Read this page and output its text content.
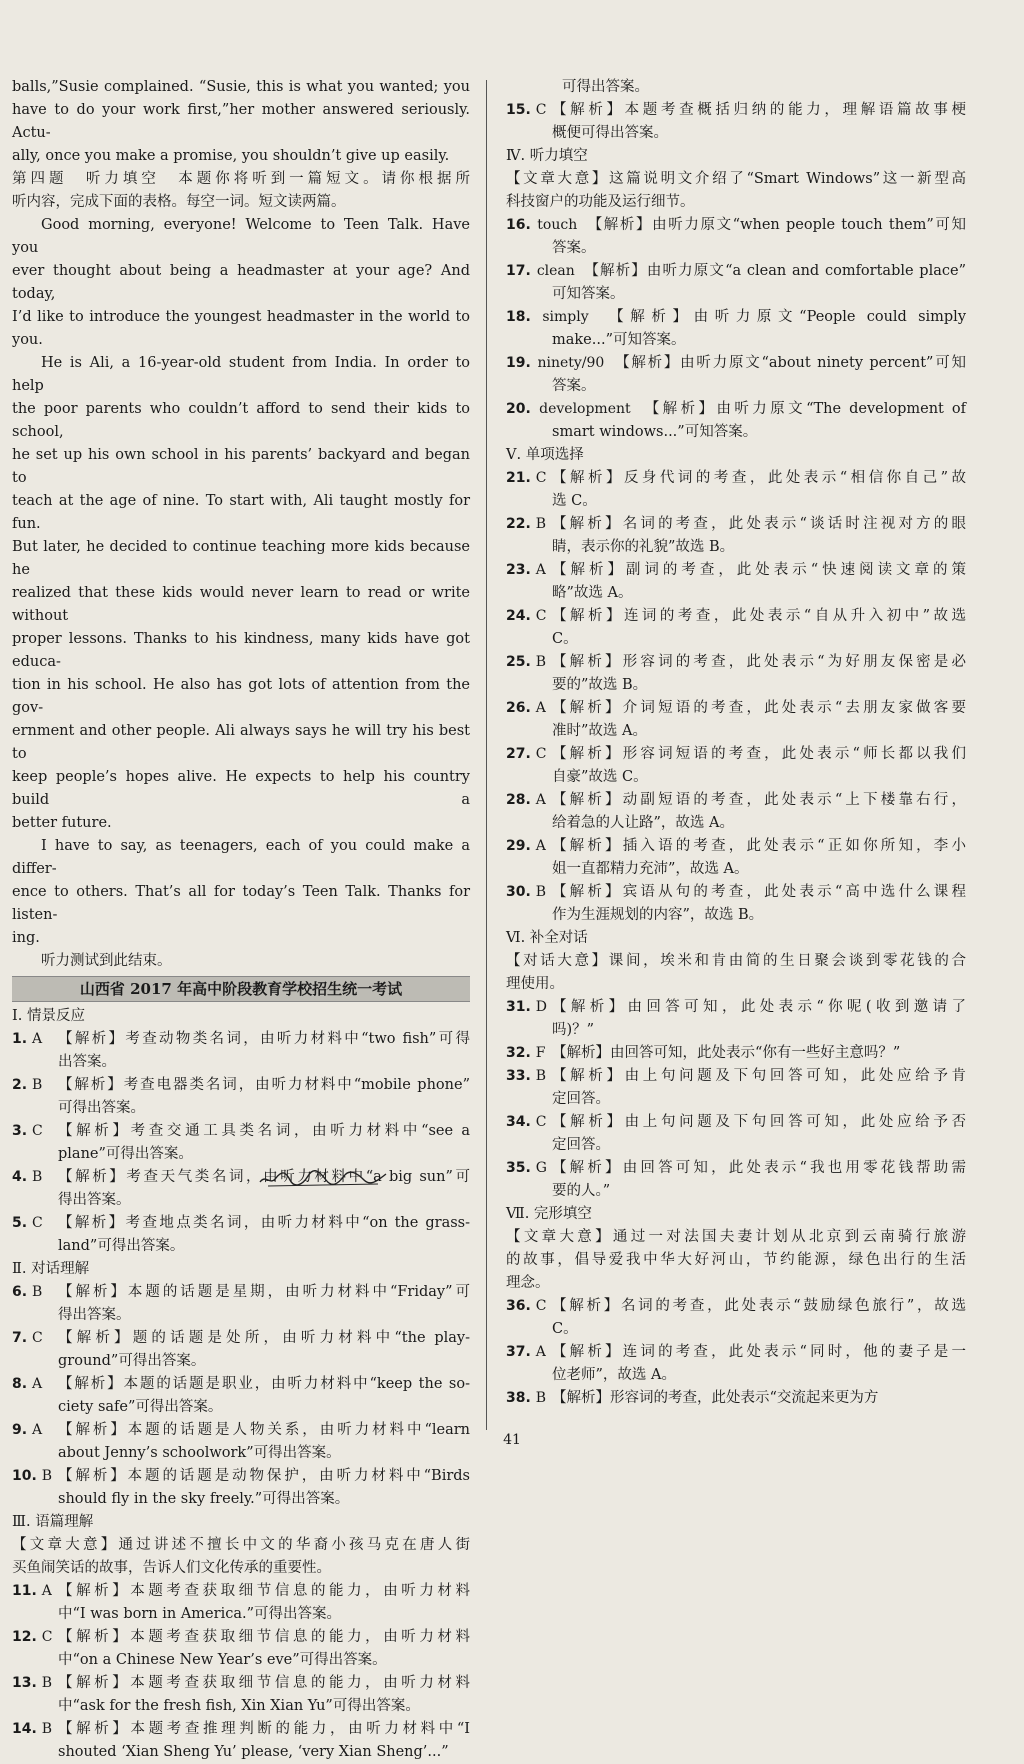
balls,”Susie complained. “Susie, this is what you wanted; you

have to do your work first,”her mother answered seriously. Actu-

ally, once you make a promise, you shouldn’t give up easily.

第四题　听力填空　本题你将听到一篇短文。请你根据所

听内容，完成下面的表格。每空一词。短文读两篇。

Good morning, everyone! Welcome to Teen Talk. Have you

ever thought about being a headmaster at your age? And today,

I’d like to introduce the youngest headmaster in the world to

you.

He is Ali, a 16-year-old student from India. In order to help

the poor parents who couldn’t afford to send their kids to school,

he set up his own school in his parents’ backyard and began to

teach at the age of nine. To start with, Ali taught mostly for fun.

But later, he decided to continue teaching more kids because he

realized that these kids would never learn to read or write without

proper lessons. Thanks to his kindness, many kids have got educa-

tion in his school. He also has got lots of attention from the gov-

ernment and other people. Ali always says he will try his best to

keep people’s hopes alive. He expects to help his country build a

better future.

I have to say, as teenagers, each of you could make a differ-

ence to others. That’s all for today’s Teen Talk. Thanks for listen-

ing.

听力测试到此结束。

山西省 2017 年高中阶段教育学校招生统一考试

Ⅰ. 情景反应

1. A 【解析】考查动物类名词，由听力材料中“two fish”可得

出答案。

2. B 【解析】考查电器类名词，由听力材料中“mobile phone”

可得出答案。

3. C 【解析】考查交通工具类名词，由听力材料中“see a

plane”可得出答案。

4. B 【解析】考查天气类名词，由听力材料中“a big sun”可

得出答案。

5. C 【解析】考查地点类名词，由听力材料中“on the grass-

land”可得出答案。

Ⅱ. 对话理解

6. B 【解析】本题的话题是星期，由听力材料中“Friday”可

得出答案。

7. C 【解析】题的话题是处所，由听力材料中“the play-

ground”可得出答案。

8. A 【解析】本题的话题是职业，由听力材料中“keep the so-

ciety safe”可得出答案。

9. A 【解析】本题的话题是人物关系，由听力材料中“learn

about Jenny’s schoolwork”可得出答案。

10. B 【解析】本题的话题是动物保护，由听力材料中“Birds

should fly in the sky freely.”可得出答案。

Ⅲ. 语篇理解

【文章大意】通过讲述不擅长中文的华裔小孩马克在唐人街

买鱼闹笑话的故事，告诉人们文化传承的重要性。

11. A 【解析】本题考查获取细节信息的能力，由听力材料

中“I was born in America.”可得出答案。

12. C 【解析】本题考查获取细节信息的能力，由听力材料

中“on a Chinese New Year’s eve”可得出答案。

13. B 【解析】本题考查获取细节信息的能力，由听力材料

中“ask for the fresh fish, Xin Xian Yu”可得出答案。

14. B 【解析】本题考查推理判断的能力，由听力材料中“I

shouted ‘Xian Sheng Yu’ please, ‘very Xian Sheng’...”

可得出答案。

15. C 【解析】本题考查概括归纳的能力，理解语篇故事梗

概便可得出答案。

Ⅳ. 听力填空

【文章大意】这篇说明文介绍了“Smart Windows”这一新型高

科技窗户的功能及运行细节。

16. touch　 【解析】由听力原文“when people touch them”可知

答案。

17. clean　 【解析】由听力原文“a clean and comfortable place”

可知答案。

18. simply　 【解析】由听力原文“People could simply

make...”可知答案。

19. ninety/90　 【解析】由听力原文“about ninety percent”可知

答案。

20. development　 【解析】由听力原文“The development of

smart windows...”可知答案。

Ⅴ. 单项选择

21. C 【解析】反身代词的考查，此处表示“相信你自己”故

选 C。

22. B 【解析】名词的考查，此处表示“谈话时注视对方的眼

睛，表示你的礼貌”故选 B。

23. A 【解析】副词的考查，此处表示“快速阅读文章的策

略”故选 A。

24. C 【解析】连词的考查，此处表示“自从升入初中”故选

C。

25. B 【解析】形容词的考查，此处表示“为好朋友保密是必

要的”故选 B。

26. A 【解析】介词短语的考查，此处表示“去朋友家做客要

准时”故选 A。

27. C 【解析】形容词短语的考查，此处表示“师长都以我们

自豪”故选 C。

28. A 【解析】动副短语的考查，此处表示“上下楼靠右行，

给着急的人让路”，故选 A。

29. A 【解析】插入语的考查，此处表示“正如你所知，李小

姐一直都精力充沛”，故选 A。

30. B 【解析】宾语从句的考查，此处表示“高中选什么课程

作为生涯规划的内容”，故选 B。

Ⅵ. 补全对话

【对话大意】课间，埃米和肯由简的生日聚会谈到零花钱的合

理使用。

31. D 【解析】由回答可知，此处表示“你呢(收到邀请了

吗)？”

32. F 【解析】由回答可知，此处表示“你有一些好主意吗？”

33. B 【解析】由上句问题及下句回答可知，此处应给予肯

定回答。

34. C 【解析】由上句问题及下句回答可知，此处应给予否

定回答。

35. G 【解析】由回答可知，此处表示“我也用零花钱帮助需

要的人。”

Ⅶ. 完形填空

【文章大意】通过一对法国夫妻计划从北京到云南骑行旅游

的故事，倡导爱我中华大好河山，节约能源，绿色出行的生活

理念。

36. C 【解析】名词的考查，此处表示“鼓励绿色旅行”，故选

C。

37. A 【解析】连词的考查，此处表示“同时，他的妻子是一

位老师”，故选 A。

38. B 【解析】形容词的考查，此处表示“交流起来更为方

41
